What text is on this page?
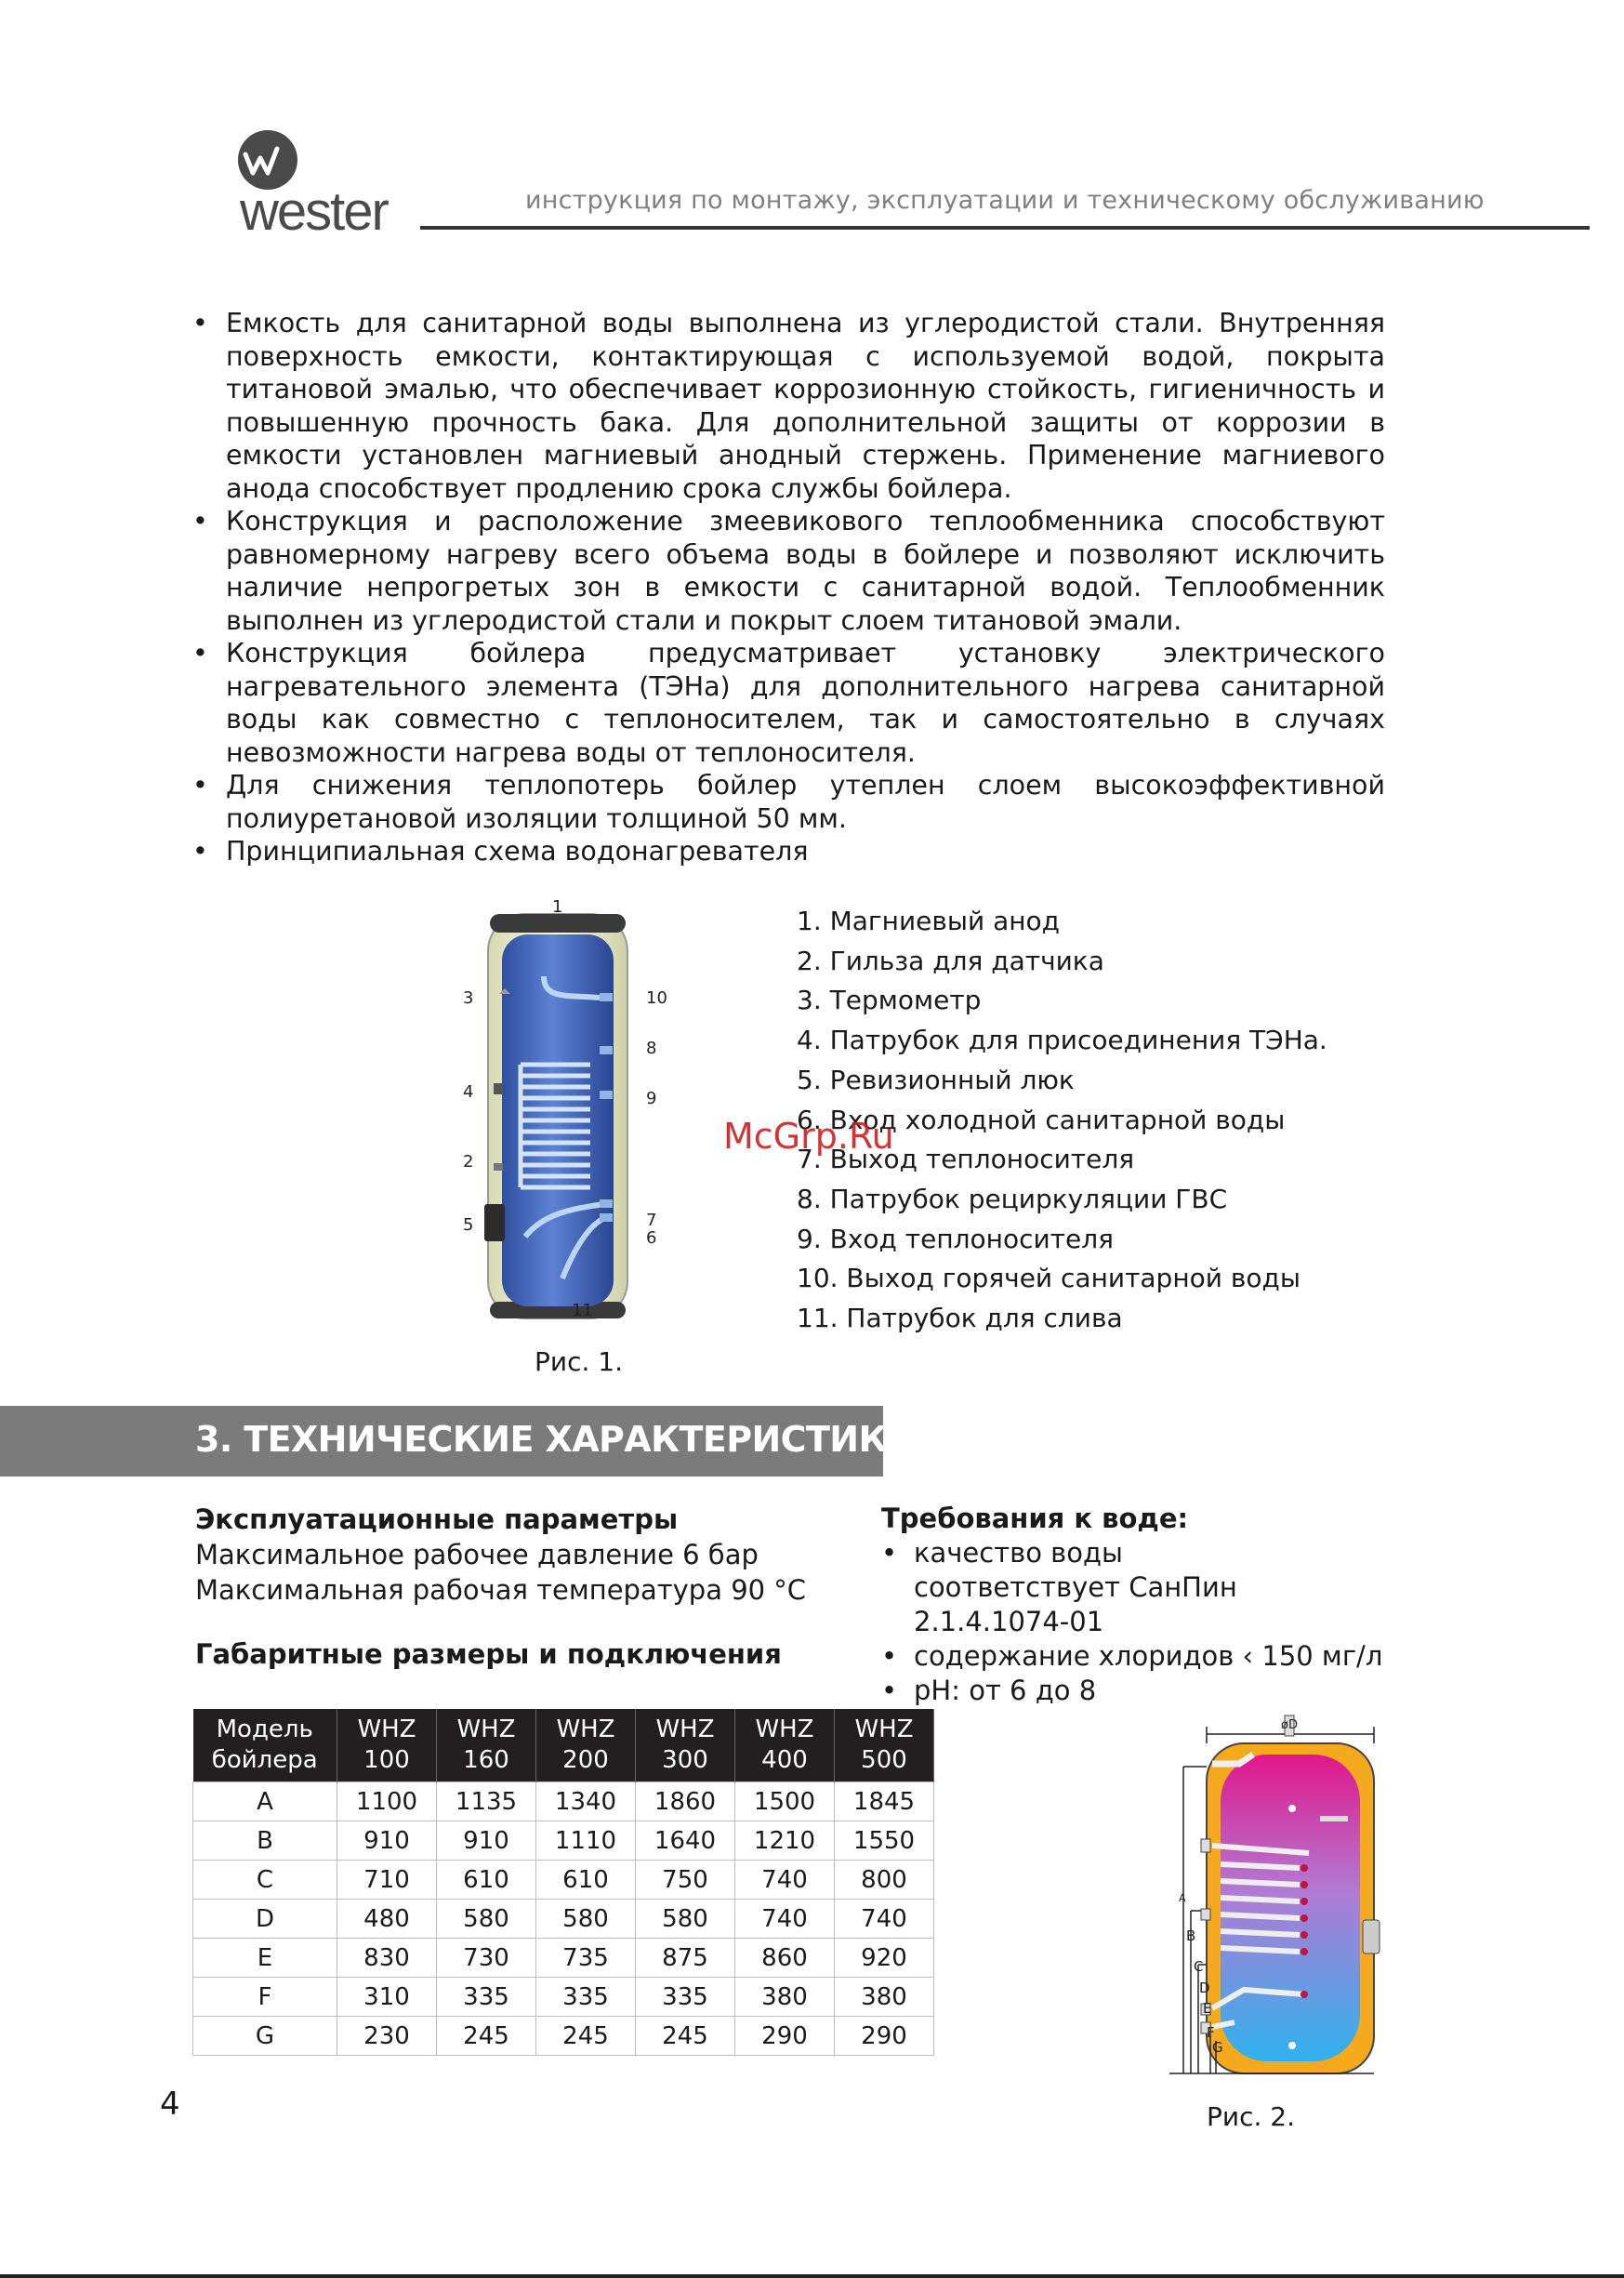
wester	инструкция по монтажу, эксплуатации и техническому обслуживанию
• Емкость для санитарной воды выполнена из углеродистой стали. Внутренняя поверхность емкости, контактирующая с используемой водой, покрыта титановой эмалью, что обеспечивает коррозионную стойкость, гигиеничность и повышенную прочность бака. Для дополнительной защиты от коррозии в емкости установлен магниевый анодный стержень. Применение магниевого анода способствует продлению срока службы бойлера.
• Конструкция и расположение змеевикового теплообменника способствуют равномерному нагреву всего объема воды в бойлере и позволяют исключить наличие непрогретых зон в емкости с санитарной водой. Теплообменник выполнен из углеродистой стали и покрыт слоем титановой эмали.
• Конструкция бойлера предусматривает установку электрического нагревательного элемента (ТЭНа) для дополнительного нагрева санитарной воды как совместно с теплоносителем, так и самостоятельно в случаях невозможности нагрева воды от теплоносителя.
• Для снижения теплопотерь бойлер утеплен слоем высокоэффективной полиуретановой изоляции толщиной 50 мм.
• Принципиальная схема водонагревателя
1
2
3
4
5
6
7
8
9
10
11
Рис. 1.
1. Магниевый анод
2. Гильза для датчика
3. Термометр
4. Патрубок для присоединения ТЭНа.
5. Ревизионный люк
6. Вход холодной санитарной воды
7. Выход теплоносителя
8. Патрубок рециркуляции ГВС
9. Вход теплоносителя
10. Выход горячей санитарной воды
11. Патрубок для слива
McGrp.Ru
3. ТЕХНИЧЕСКИЕ ХАРАКТЕРИСТИКИ
Эксплуатационные параметры
Максимальное рабочее давление 6 бар
Максимальная рабочая температура 90 °C
Габаритные размеры и подключения
Требования к воде:
• качество воды соответствует СанПин 2.1.4.1074-01
• содержание хлоридов ‹ 150 мг/л
• pH: от 6 до 8
Модель бойлера	WHZ 100	WHZ 160	WHZ 200	WHZ 300	WHZ 400	WHZ 500
A	1100	1135	1340	1860	1500	1845
B	910	910	1110	1640	1210	1550
C	710	610	610	750	740	800
D	480	580	580	580	740	740
E	830	730	735	875	860	920
F	310	335	335	335	380	380
G	230	245	245	245	290	290
øD
A
B
C
D
E
F
G
Рис. 2.
4
